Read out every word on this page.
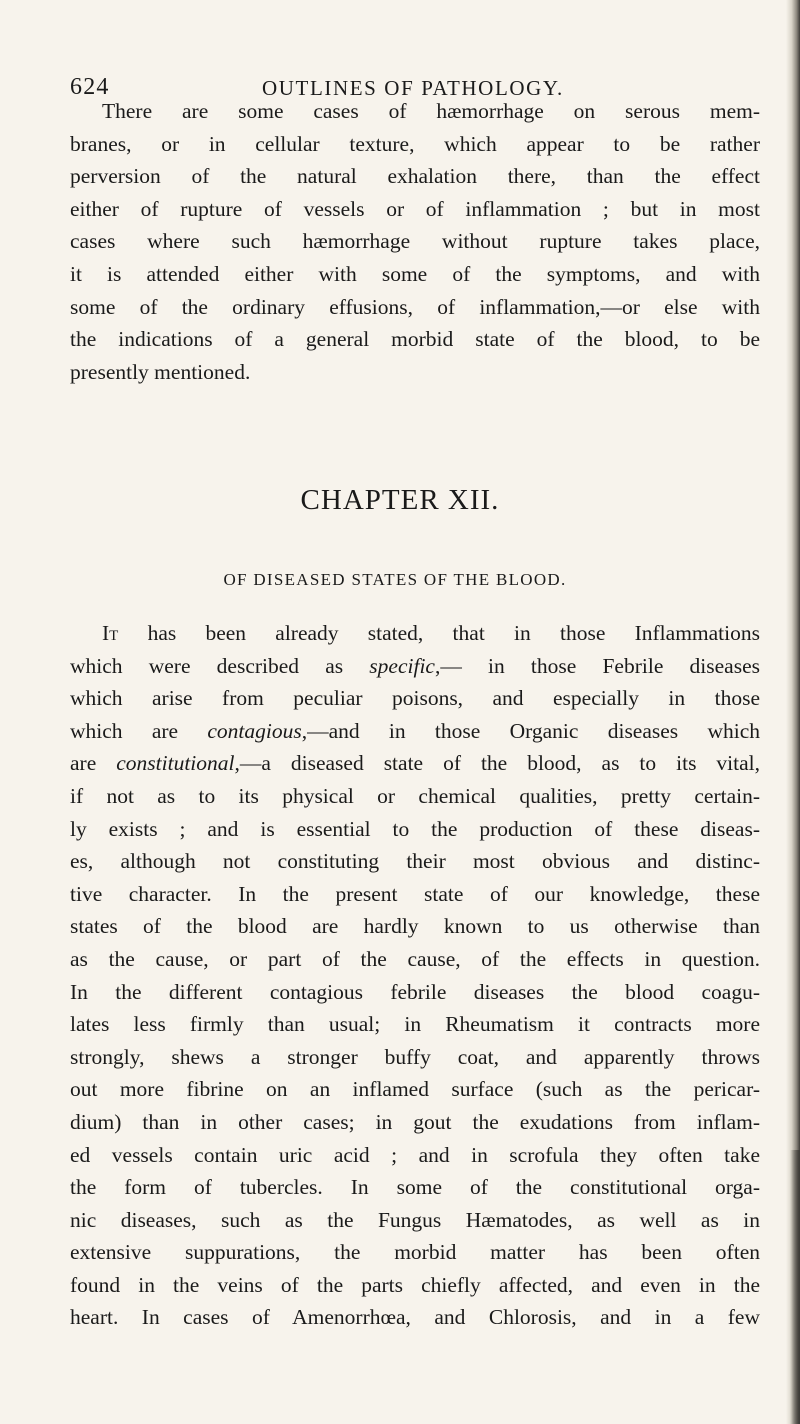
624	OUTLINES OF PATHOLOGY.

There are some cases of hæmorrhage on serous mem-
branes, or in cellular texture, which appear to be rather
perversion of the natural exhalation there, than the effect
either of rupture of vessels or of inflammation ; but in most
cases where such hæmorrhage without rupture takes place,
it is attended either with some of the symptoms, and with
some of the ordinary effusions, of inflammation,—or else with
the indications of a general morbid state of the blood, to be
presently mentioned.

CHAPTER XII.
OF DISEASED STATES OF THE BLOOD.

It has been already stated, that in those Inflammations
which were described as specific,— in those Febrile diseases
which arise from peculiar poisons, and especially in those
which are contagious,—and in those Organic diseases which
are constitutional,—a diseased state of the blood, as to its vital,
if not as to its physical or chemical qualities, pretty certain-
ly exists ; and is essential to the production of these diseas-
es, although not constituting their most obvious and distinc-
tive character. In the present state of our knowledge, these
states of the blood are hardly known to us otherwise than
as the cause, or part of the cause, of the effects in question.
In the different contagious febrile diseases the blood coagu-
lates less firmly than usual; in Rheumatism it contracts more
strongly, shews a stronger buffy coat, and apparently throws
out more fibrine on an inflamed surface (such as the pericar-
dium) than in other cases; in gout the exudations from inflam-
ed vessels contain uric acid ; and in scrofula they often take
the form of tubercles. In some of the constitutional orga-
nic diseases, such as the Fungus Hæmatodes, as well as in
extensive suppurations, the morbid matter has been often
found in the veins of the parts chiefly affected, and even in the
heart. In cases of Amenorrhœa, and Chlorosis, and in a few
